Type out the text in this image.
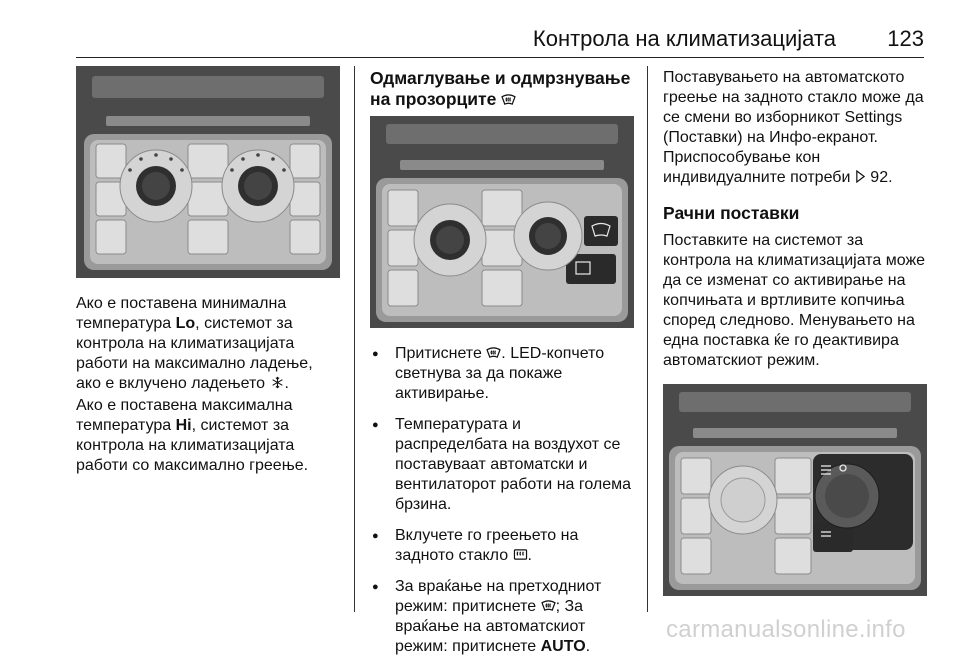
Контрола на климатизацијата 123

Ако е поставена минимална температура Lo, системот за контрола на климатизацијата работи на максимално ладење, ако е вклучено ладењето .

Ако е поставена максимална температура Hi, системот за контрола на климатизацијата работи со максимално греење.

Одмаглување и одмрзнување на прозорците
● Притиснете . LED-копчето светнува за да покаже активирање.
● Температурата и распределбата на воздухот се поставуваат автоматски и вентилаторот работи на голема брзина.
● Вклучете го греењето на задното стакло .
● За враќање на претходниот режим: притиснете ; За враќање на автоматскиот режим: притиснете AUTO.

Поставувањето на автоматското греење на задното стакло може да се смени во изборникот Settings (Поставки) на Инфо-екранот.

Приспособување кон индивидуалните потреби  92.

Рачни поставки

Поставките на системот за контрола на климатизацијата може да се изменат со активирање на копчињата и вртливите копчиња според следново. Менувањето на една поставка ќе го деактивира автоматскиот режим.

carmanualsonline.info
